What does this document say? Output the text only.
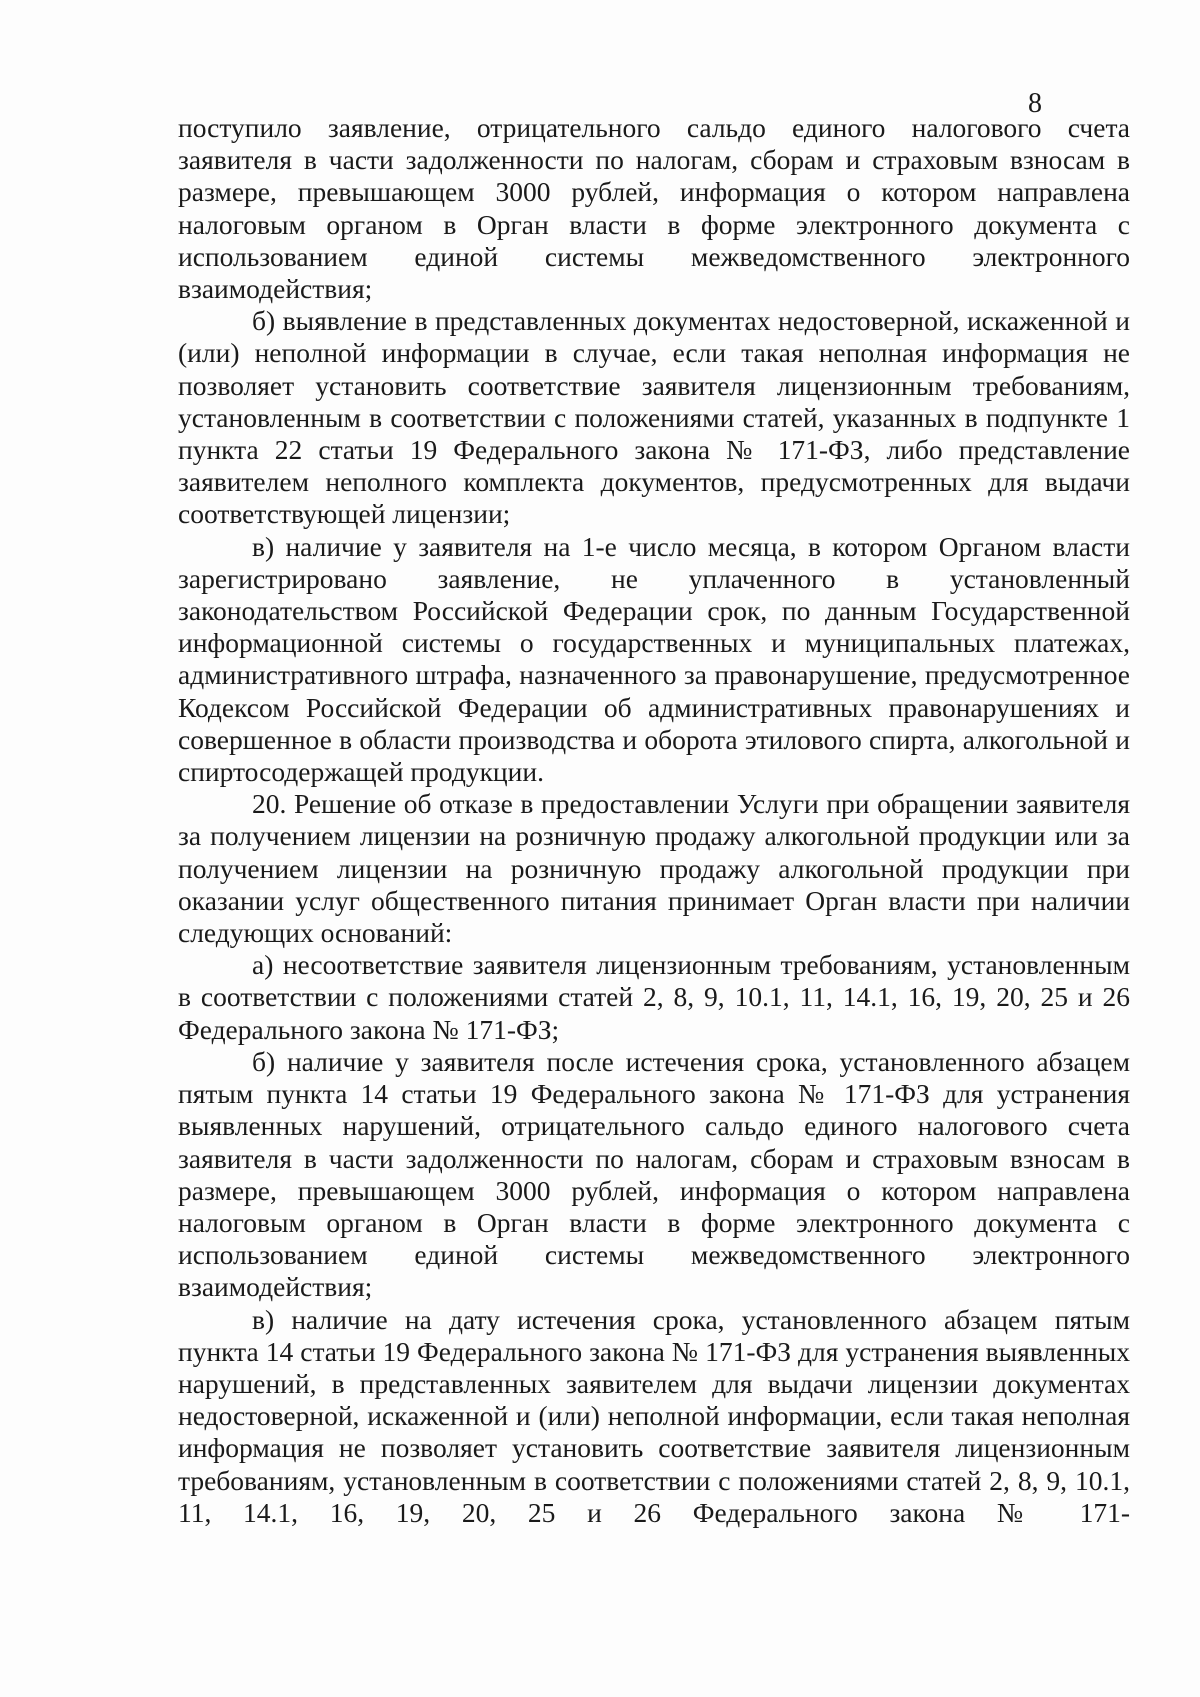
8

поступило заявление, отрицательного сальдо единого налогового счета заявителя в части задолженности по налогам, сборам и страховым взносам в размере, превышающем 3000 рублей, информация о котором направлена налоговым органом в Орган власти в форме электронного документа с использованием единой системы межведомственного электронного взаимодействия;

б) выявление в представленных документах недостоверной, искаженной и (или) неполной информации в случае, если такая неполная информация не позволяет установить соответствие заявителя лицензионным требованиям, установленным в соответствии с положениями статей, указанных в подпункте 1 пункта 22 статьи 19 Федерального закона № 171-ФЗ, либо представление заявителем неполного комплекта документов, предусмотренных для выдачи соответствующей лицензии;

в) наличие у заявителя на 1-е число месяца, в котором Органом власти зарегистрировано заявление, не уплаченного в установленный законодательством Российской Федерации срок, по данным Государственной информационной системы о государственных и муниципальных платежах, административного штрафа, назначенного за правонарушение, предусмотренное Кодексом Российской Федерации об административных правонарушениях и совершенное в области производства и оборота этилового спирта, алкогольной и спиртосодержащей продукции.

20. Решение об отказе в предоставлении Услуги при обращении заявителя за получением лицензии на розничную продажу алкогольной продукции или за получением лицензии на розничную продажу алкогольной продукции при оказании услуг общественного питания принимает Орган власти при наличии следующих оснований:

а) несоответствие заявителя лицензионным требованиям, установленным в соответствии с положениями статей 2, 8, 9, 10.1, 11, 14.1, 16, 19, 20, 25 и 26 Федерального закона № 171-ФЗ;

б) наличие у заявителя после истечения срока, установленного абзацем пятым пункта 14 статьи 19 Федерального закона № 171-ФЗ для устранения выявленных нарушений, отрицательного сальдо единого налогового счета заявителя в части задолженности по налогам, сборам и страховым взносам в размере, превышающем 3000 рублей, информация о котором направлена налоговым органом в Орган власти в форме электронного документа с использованием единой системы межведомственного электронного взаимодействия;

в) наличие на дату истечения срока, установленного абзацем пятым пункта 14 статьи 19 Федерального закона № 171-ФЗ для устранения выявленных нарушений, в представленных заявителем для выдачи лицензии документах недостоверной, искаженной и (или) неполной информации, если такая неполная информация не позволяет установить соответствие заявителя лицензионным требованиям, установленным в соответствии с положениями статей 2, 8, 9, 10.1, 11, 14.1, 16, 19, 20, 25 и 26 Федерального закона № 171-
